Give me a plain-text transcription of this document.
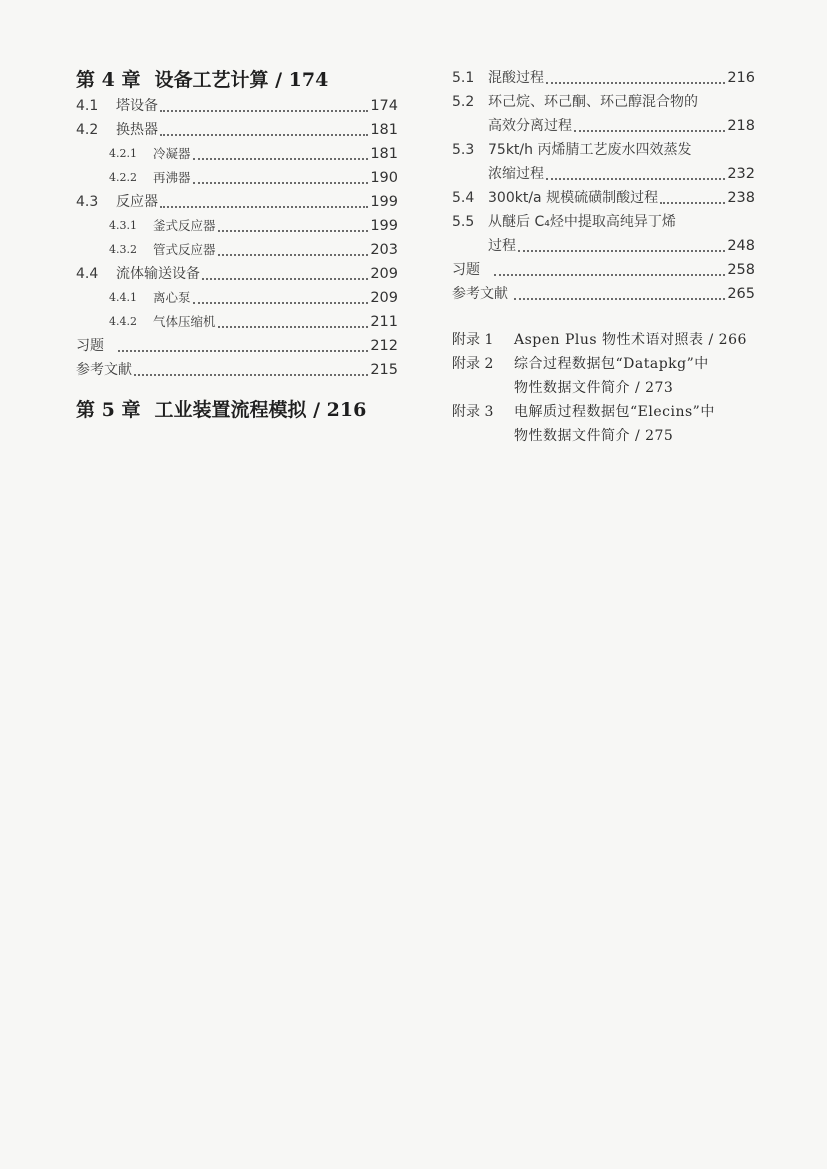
第 4 章 设备工艺计算 / 174
4.1	塔设备	174
4.2	换热器	181
4.2.1	冷凝器	181
4.2.2	再沸器	190
4.3	反应器	199
4.3.1	釜式反应器	199
4.3.2	管式反应器	203
4.4	流体输送设备	209
4.4.1	离心泵	209
4.4.2	气体压缩机	211
习题	212
参考文献	215
第 5 章 工业装置流程模拟 / 216
5.1 混酸过程	216
5.2 环己烷、环己酮、环己醇混合物的
高效分离过程	218
5.3 75kt/h 丙烯腈工艺废水四效蒸发
浓缩过程	232
5.4 300kt/a 规模硫磺制酸过程	238
5.5 从醚后 C₄烃中提取高纯异丁烯
过程	248
习题	258
参考文献	265
附录 1	Aspen Plus 物性术语对照表 / 266
附录 2	综合过程数据包“Datapkg”中
物性数据文件简介 / 273
附录 3	电解质过程数据包“Elecins”中
物性数据文件简介 / 275
